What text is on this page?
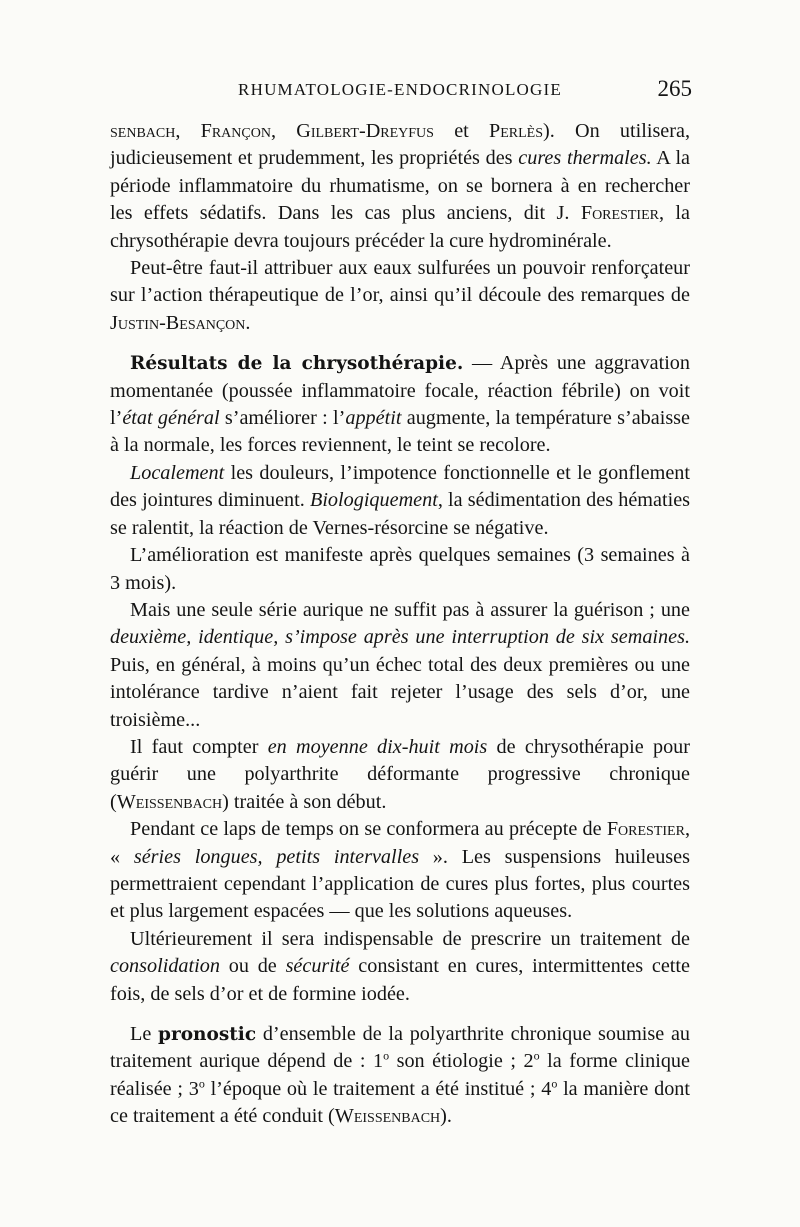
RHUMATOLOGIE-ENDOCRINOLOGIE	265

senbach, Françon, Gilbert-Dreyfus et Perlès). On utilisera, judicieusement et prudemment, les propriétés des cures thermales. A la période inflammatoire du rhumatisme, on se bornera à en rechercher les effets sédatifs. Dans les cas plus anciens, dit J. Forestier, la chrysothérapie devra toujours précéder la cure hydrominérale.

Peut-être faut-il attribuer aux eaux sulfurées un pouvoir renforçateur sur l’action thérapeutique de l’or, ainsi qu’il découle des remarques de Justin-Besançon.

Résultats de la chrysothérapie. — Après une aggravation momentanée (poussée inflammatoire focale, réaction fébrile) on voit l’état général s’améliorer : l’appétit augmente, la température s’abaisse à la normale, les forces reviennent, le teint se recolore.

Localement les douleurs, l’impotence fonctionnelle et le gonflement des jointures diminuent. Biologiquement, la sédimentation des hématies se ralentit, la réaction de Vernes-résorcine se négative.

L’amélioration est manifeste après quelques semaines (3 semaines à 3 mois).

Mais une seule série aurique ne suffit pas à assurer la guérison ; une deuxième, identique, s’impose après une interruption de six semaines. Puis, en général, à moins qu’un échec total des deux premières ou une intolérance tardive n’aient fait rejeter l’usage des sels d’or, une troisième...

Il faut compter en moyenne dix-huit mois de chrysothérapie pour guérir une polyarthrite déformante progressive chronique (Weissenbach) traitée à son début.

Pendant ce laps de temps on se conformera au précepte de Forestier, « séries longues, petits intervalles ». Les suspensions huileuses permettraient cependant l’application de cures plus fortes, plus courtes et plus largement espacées — que les solutions aqueuses.

Ultérieurement il sera indispensable de prescrire un traitement de consolidation ou de sécurité consistant en cures, intermittentes cette fois, de sels d’or et de formine iodée.

Le pronostic d’ensemble de la polyarthrite chronique soumise au traitement aurique dépend de : 1$^o$ son étiologie ; 2$^o$ la forme clinique réalisée ; 3$^o$ l’époque où le traitement a été institué ; 4$^o$ la manière dont ce traitement a été conduit (Weissenbach).
